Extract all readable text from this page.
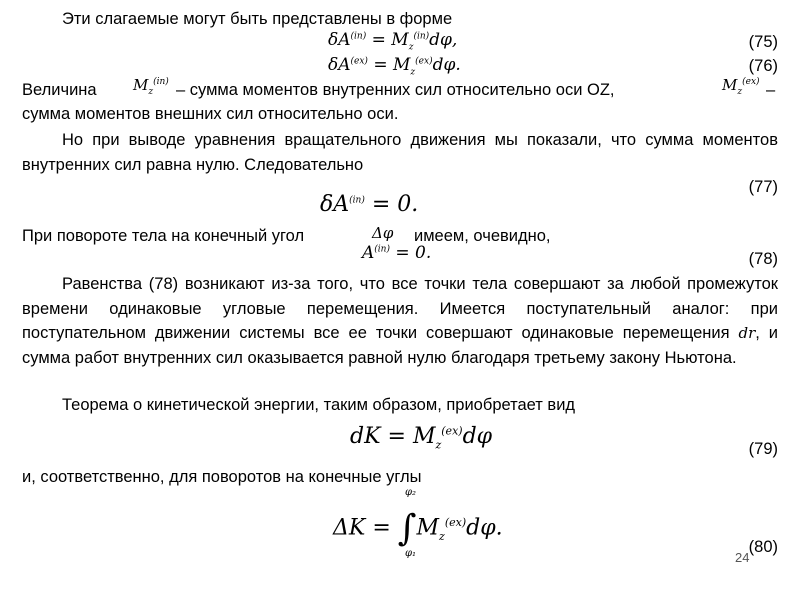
Эти слагаемые могут быть представлены в форме
$\delta A^{(in)} = M_z^{(in)}d\varphi$,	(75)
$\delta A^{(ex)} = M_z^{(ex)}d\varphi$.	(76)
Величина $M_z^{(in)}$ – сумма моментов внутренних сил относительно оси OZ,	$M_z^{(ex)}$ –
сумма моментов внешних сил относительно оси.
Но при выводе уравнения вращательного движения мы показали, что сумма моментов внутренних сил равна нулю. Следовательно
(77)
$\delta A^{(in)} = 0$.
При повороте тела на конечный угол	Δφ имеем, очевидно,
$A^{(in)} = 0$.	(78)
Равенства (78) возникают из-за того, что все точки тела совершают за любой промежуток времени одинаковые угловые перемещения. Имеется поступательный аналог: при поступательном движении системы все ее точки совершают одинаковые перемещения dr, и сумма работ внутренних сил оказывается равной нулю благодаря третьему закону Ньютона.
Теорема о кинетической энергии, таким образом, приобретает вид
dK = $M_z^{(ex)}d\varphi$	(79)
и, соответственно, для поворотов на конечные углы
φ₂
$\Delta K = \int M_z^{(ex)}d\varphi$.
φ₁	(80)
24
